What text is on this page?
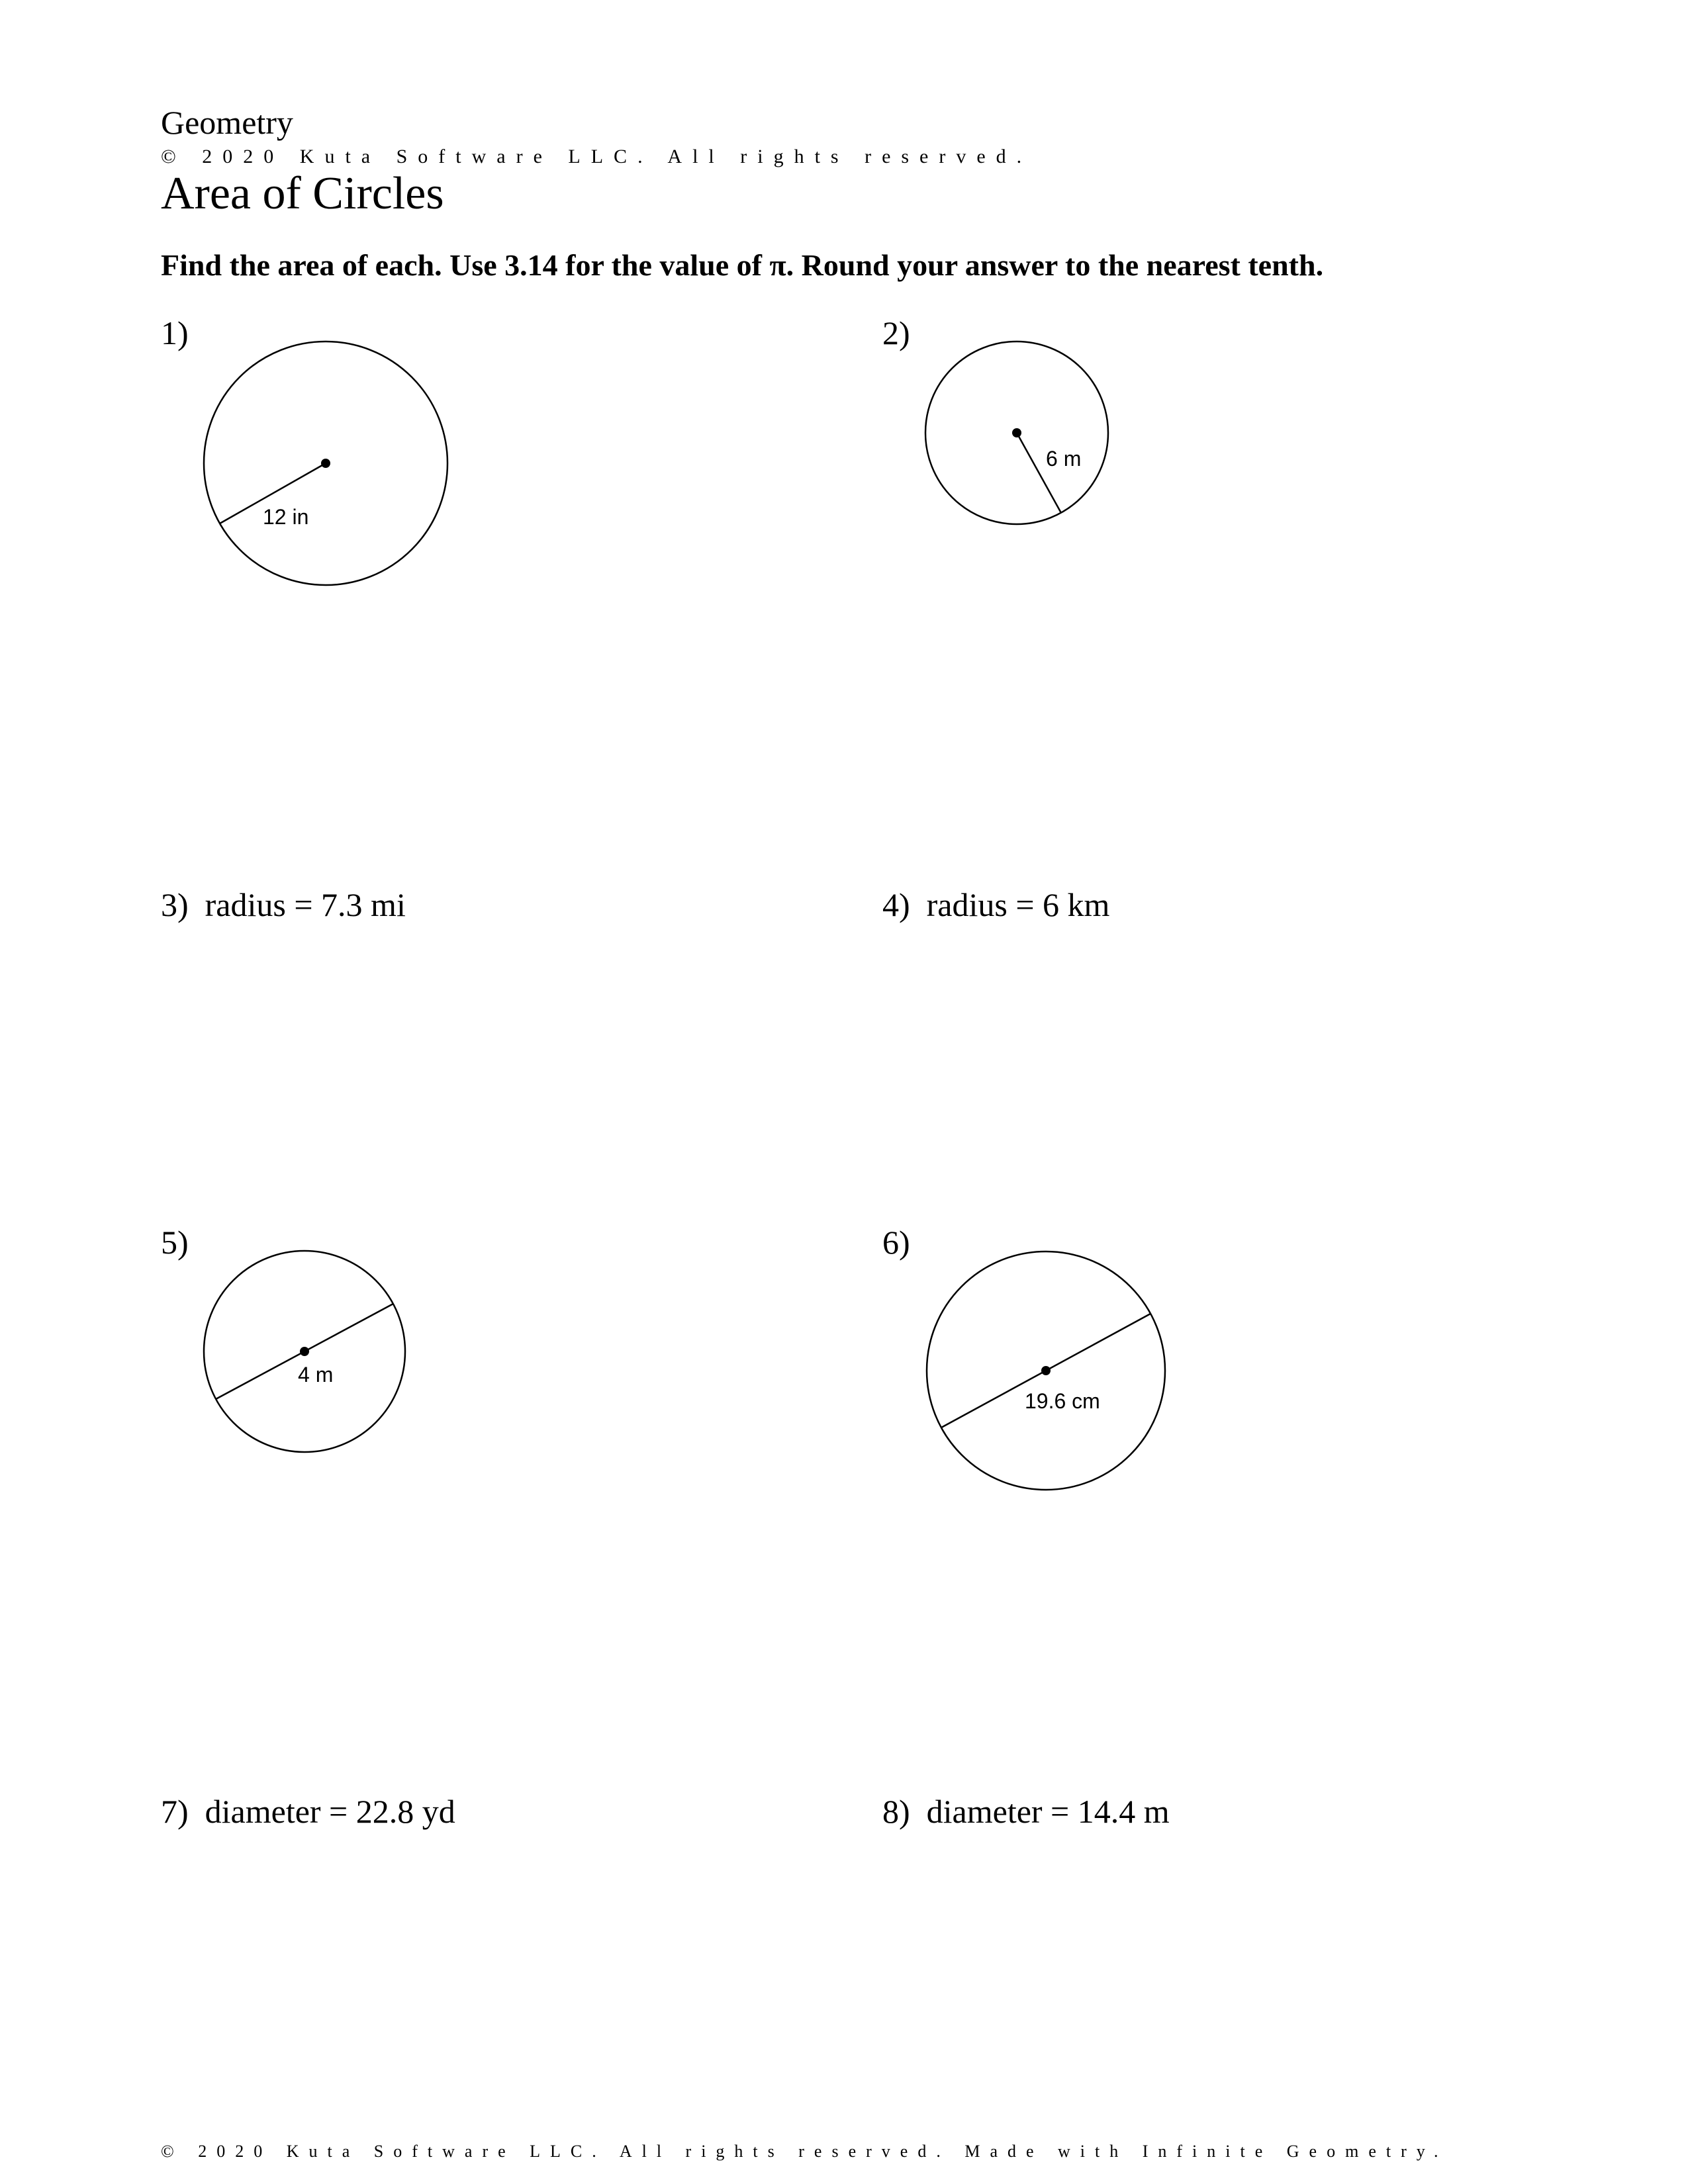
Geometry
© 2020 Kuta Software LLC. All rights reserved.
Area of Circles
Find the area of each. Use 3.14 for the value of π. Round your answer to the nearest tenth.
1)
12 in
2)
6 m
3) radius = 7.3 mi	4) radius = 6 km
5)
4 m
6)
19.6 cm
7) diameter = 22.8 yd	8) diameter = 14.4 m
© 2020 Kuta Software LLC. All rights reserved. Made with Infinite Geometry.
